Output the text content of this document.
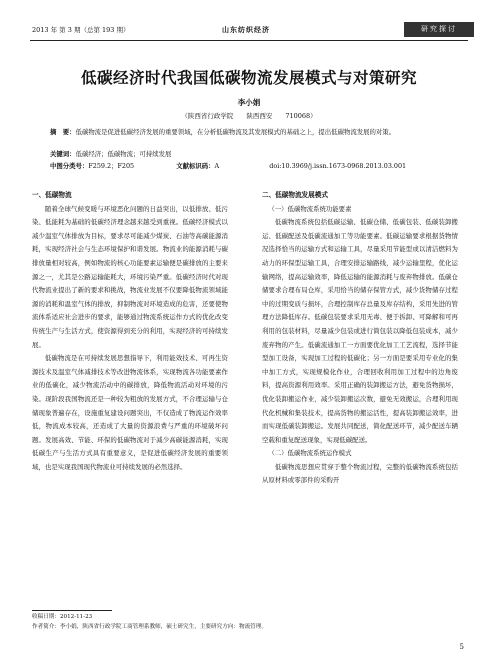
2013 年 第 3 期（总第 193 期）	山东纺织经济	研究探讨
低碳经济时代我国低碳物流发展模式与对策研究
李小娟
（陕西省行政学院　　陕西西安　　710068）
摘　要：低碳物流是促进低碳经济发展的重要领域，在分析低碳物流及其发展模式的基础之上，提出低碳物流发展的对策。
关键词：低碳经济；低碳物流；可持续发展
中图分类号：F259.2；F205	文献标识码：A	doi:10.3969/j.issn.1673-0968.2013.03.001
一、低碳物流

随着全球气候变暖与环境恶化问题的日益突出，以低排放、低污染、低能耗为基础的低碳经济理念越来越受到重视。低碳经济模式以减少温室气体排放为目标，要求尽可能减少煤炭、石油等高碳能源消耗，实现经济社会与生态环境保护和谐发展。物流业的能源消耗与碳排放量相对较高，例如物流的核心功能要素运输便是碳排放的主要来源之一，尤其是公路运输能耗大，环境污染严重。低碳经济时代对现代物流业提出了新的要求和挑战，物流业发展不仅要降低物流领域能源的消耗和温室气体的排放，抑制物流对环境造成的危害，还要使物流体系适应社会进步的要求，能够通过物流系统运作方式的优化改变传统生产与生活方式，使资源得到充分的利用，实现经济的可持续发展。

低碳物流是在可持续发展思想指导下，利用能效技术、可再生资源技术及温室气体减排技术等改进物流体系，实现物流各功能要素作业的低碳化，减少物流活动中的碳排放，降低物流活动对环境的污染。现阶段我国物流还是一种较为粗放的发展方式，不合理运输与仓储现象普遍存在，设施重复建设问题突出，不仅造成了物流运作效率低，物流成本较高，还造成了大量的资源浪费与严重的环境破坏问题。发展高效、节能、环保的低碳物流对于减少高碳能源消耗，实现低碳生产与生活方式具有重要意义，是促进低碳经济发展的重要领域，也是实现我国现代物流业可持续发展的必然选择。

二、低碳物流发展模式
（一）低碳物流系统功能要素

低碳物流系统包括低碳运输、低碳仓储、低碳包装、低碳装卸搬运、低碳配送及低碳流通加工等功能要素。低碳运输要求根据货物情况选择恰当的运输方式和运输工具，尽量采用节能型或以清洁燃料为动力的环保型运输工具，合理安排运输路线，减少运输里程，优化运输网络，提高运输效率，降低运输的能源消耗与废弃物排放。低碳仓储要求合理布局仓库，采用恰当的储存保管方式，减少货物储存过程中的过期变质与损坏，合理控制库存总量及库存结构，采用先进的管理方法降低库存。低碳包装要求采用无毒、便于拆卸、可降解和可再利用的包装材料，尽量减少包装或进行简包装以降低包装成本，减少废弃物的产生。低碳流通加工一方面要优化加工工艺流程，选择节能型加工设备，实现加工过程的低碳化；另一方面是要采用专业化的集中加工方式，实现规模化作业，合理回收利用加工过程中的边角废料，提高资源利用效率。采用正确的装卸搬运方法，避免货物损坏，优化装卸搬运作业，减少装卸搬运次数，避免无效搬运，合理利用现代化机械和集装技术，提高货物的搬运活性，提高装卸搬运效率，进而实现低碳装卸搬运。发展共同配送，简化配送环节，减少配送车辆空载和重复配送现象，实现低碳配送。

（二）低碳物流系统运作模式

低碳物流思想应贯穿于整个物流过程，完整的低碳物流系统包括从原材料或零部件的采购开

收稿日期：2012-11-23
作者简介：李小娟，陕西省行政学院工商管理系教师，硕士研究生，主要研究方向：物流管理。
5
